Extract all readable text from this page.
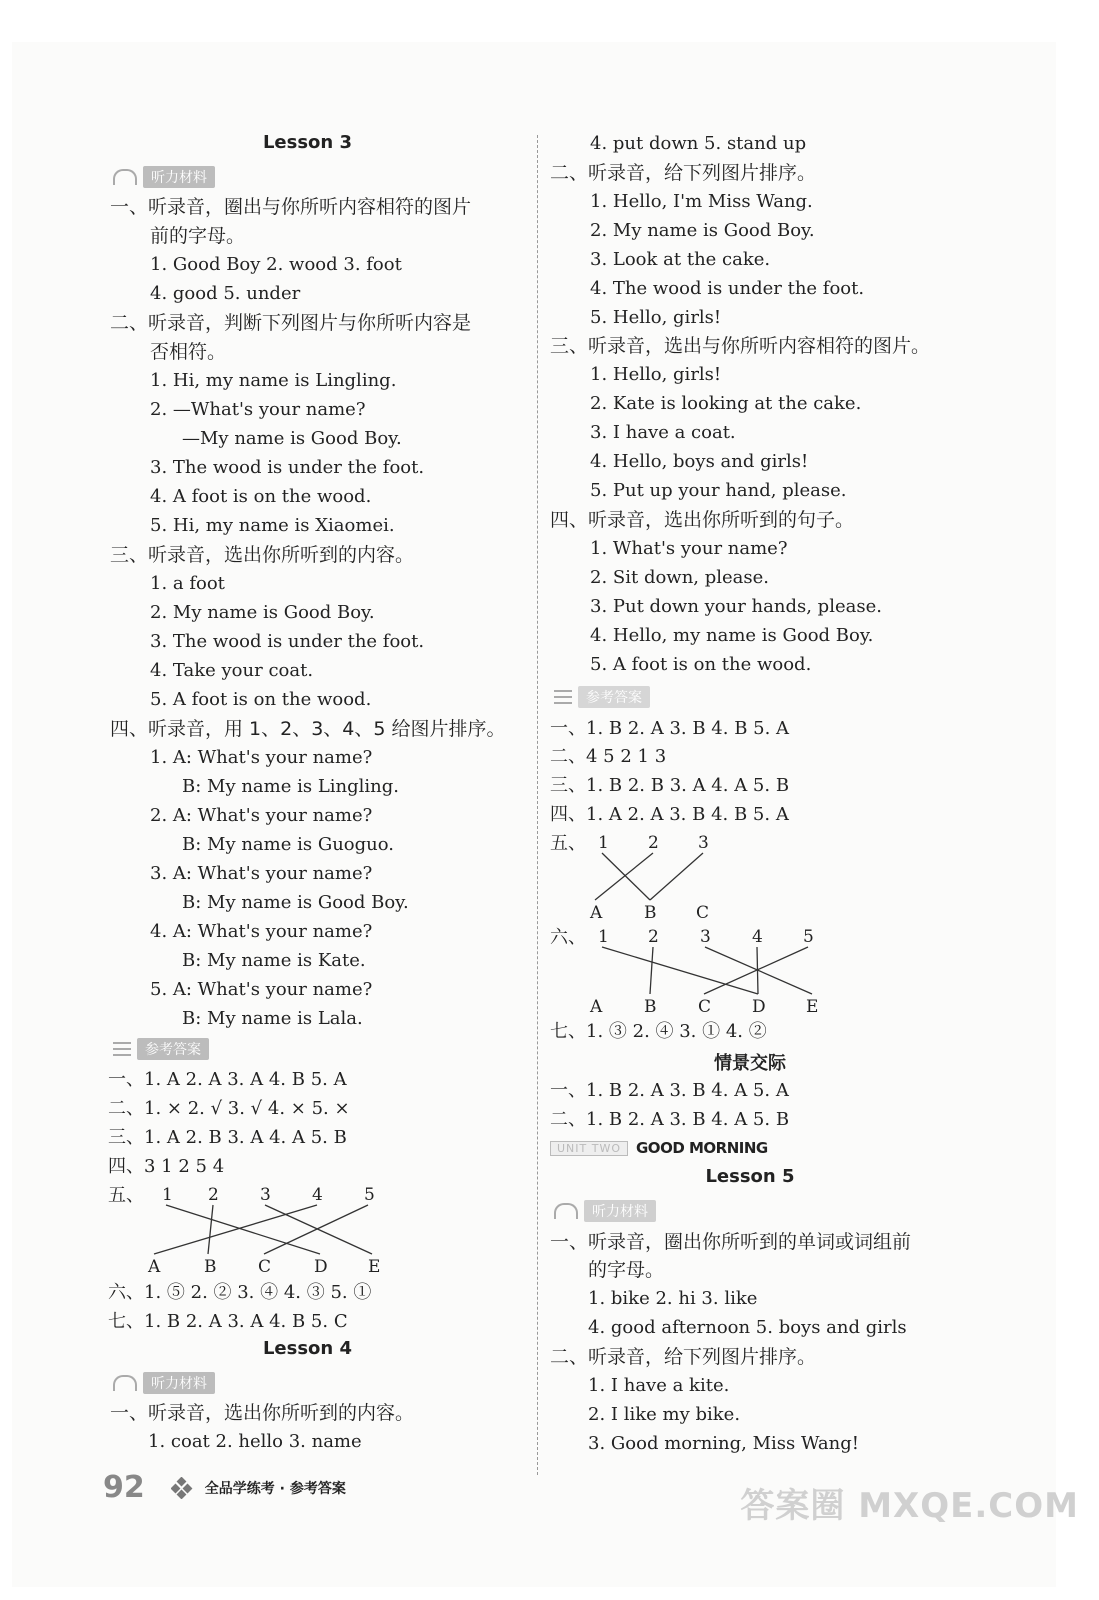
Lesson 3
听力材料
一、听录音，圈出与你所听内容相符的图片
前的字母。
1. Good Boy 2. wood 3. foot
4. good 5. under
二、听录音，判断下列图片与你所听内容是
否相符。
1. Hi, my name is Lingling.
2. —What's your name?
—My name is Good Boy.
3. The wood is under the foot.
4. A foot is on the wood.
5. Hi, my name is Xiaomei.
三、听录音，选出你所听到的内容。
1. a foot
2. My name is Good Boy.
3. The wood is under the foot.
4. Take your coat.
5. A foot is on the wood.
四、听录音，用 1、2、3、4、5 给图片排序。
1. A: What's your name?
B: My name is Lingling.
2. A: What's your name?
B: My name is Guoguo.
3. A: What's your name?
B: My name is Good Boy.
4. A: What's your name?
B: My name is Kate.
5. A: What's your name?
B: My name is Lala.
参考答案
一、1. A 2. A 3. A 4. B 5. A
二、1. × 2. √ 3. √ 4. × 5. ×
三、1. A 2. B 3. A 4. A 5. B
四、3 1 2 5 4
五、 1 2 3 4 5
A	B C	D E
六、1. ⑤ 2. ② 3. ④ 4. ③ 5. ①
七、1. B 2. A 3. A 4. B 5. C
Lesson 4
听力材料
一、听录音，选出你所听到的内容。
1. coat 2. hello 3. name
4. put down 5. stand up
二、听录音，给下列图片排序。
1. Hello, I'm Miss Wang.
2. My name is Good Boy.
3. Look at the cake.
4. The wood is under the foot.
5. Hello, girls!
三、听录音，选出与你所听内容相符的图片。
1. Hello, girls!
2. Kate is looking at the cake.
3. I have a coat.
4. Hello, boys and girls!
5. Put up your hand, please.
四、听录音，选出你所听到的句子。
1. What's your name?
2. Sit down, please.
3. Put down your hands, please.
4. Hello, my name is Good Boy.
5. A foot is on the wood.
参考答案
一、1. B 2. A 3. B 4. B 5. A
二、4 5 2 1 3
三、1. B 2. B 3. A 4. A 5. B
四、1. A 2. A 3. B 4. B 5. A
五、 1 2 3
A B C
六、 1 2 3 4 5
A B C D E
七、1. ③ 2. ④ 3. ① 4. ②
情景交际
一、1. B 2. A 3. B 4. A 5. A
二、1. B 2. A 3. B 4. A 5. B
UNIT TWO	GOOD MORNING
Lesson 5
听力材料
一、听录音，圈出你所听到的单词或词组前
的字母。
1. bike 2. hi 3. like
4. good afternoon 5. boys and girls
二、听录音，给下列图片排序。
1. I have a kite.
2. I like my bike.
3. Good morning, Miss Wang!
92	全品学练考 · 参考答案	答案圈 MXQE.COM
